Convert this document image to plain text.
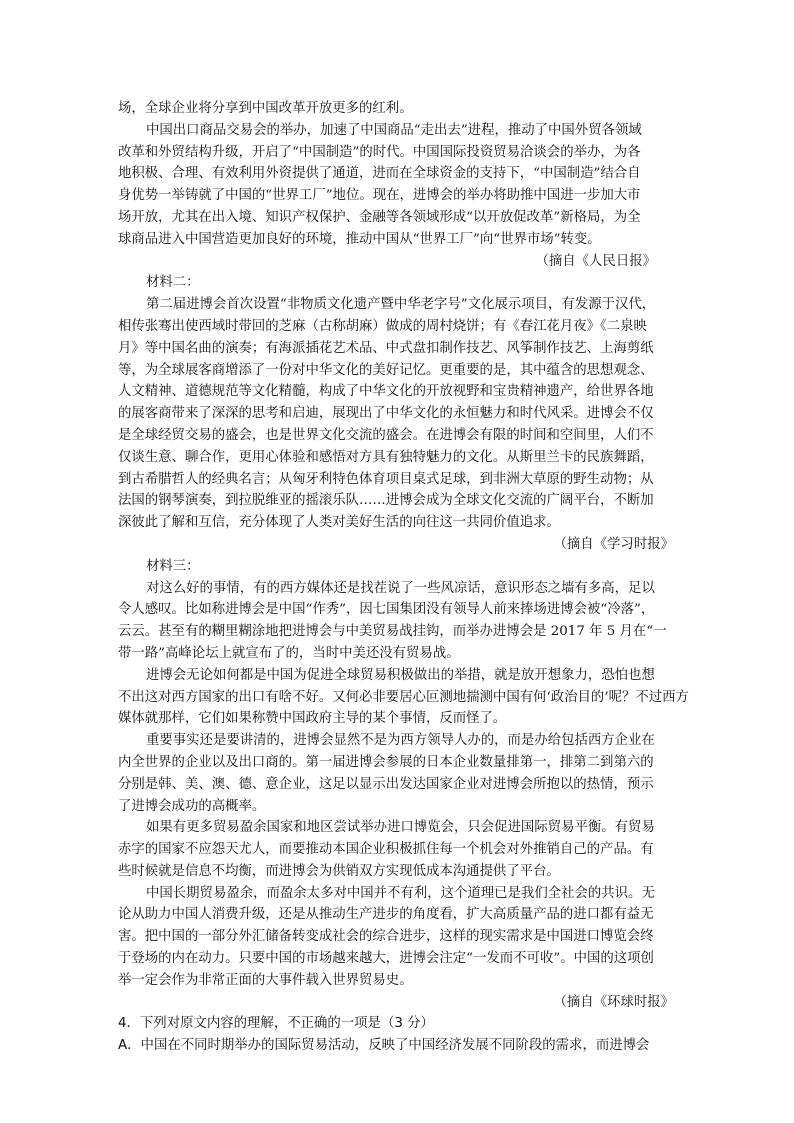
场，全球企业将分享到中国改革开放更多的红利。
中国出口商品交易会的举办，加速了中国商品“走出去”进程，推动了中国外贸各领域
改革和外贸结构升级，开启了“中国制造”的时代。中国国际投资贸易洽谈会的举办，为各
地积极、合理、有效利用外资提供了通道，进而在全球资金的支持下，“中国制造”结合自
身优势一举铸就了中国的“世界工厂”地位。现在，进博会的举办将助推中国进一步加大市
场开放，尤其在出入境、知识产权保护、金融等各领域形成“以开放促改革”新格局，为全
球商品进入中国营造更加良好的环境，推动中国从“世界工厂”向“世界市场”转变。
（摘自《人民日报》
材料二：
第二届进博会首次设置“非物质文化遗产暨中华老字号”文化展示项目，有发源于汉代，
相传张骞出使西域时带回的芝麻（古称胡麻）做成的周村烧饼；有《春江花月夜》《二泉映
月》等中国名曲的演奏；有海派插花艺术品、中式盘扣制作技艺、风筝制作技艺、上海剪纸
等，为全球展客商增添了一份对中华文化的美好记忆。更重要的是，其中蕴含的思想观念、
人文精神、道德规范等文化精髓，构成了中华文化的开放视野和宝贵精神遗产，给世界各地
的展客商带来了深深的思考和启迪，展现出了中华文化的永恒魅力和时代风采。进博会不仅
是全球经贸交易的盛会，也是世界文化交流的盛会。在进博会有限的时间和空间里，人们不
仅谈生意、聊合作，更用心体验和感悟对方具有独特魅力的文化。从斯里兰卡的民族舞蹈，
到古希腊哲人的经典名言；从匈牙利特色体育项目桌式足球，到非洲大草原的野生动物；从
法国的钢琴演奏，到拉脱维亚的摇滚乐队……进博会成为全球文化交流的广阔平台，不断加
深彼此了解和互信，充分体现了人类对美好生活的向往这一共同价值追求。
（摘自《学习时报》
材料三：
对这么好的事情，有的西方媒体还是找茬说了一些风凉话，意识形态之墙有多高，足以
令人感叹。比如称进博会是中国“作秀”，因七国集团没有领导人前来捧场进博会被“冷落”，
云云。甚至有的糊里糊涂地把进博会与中美贸易战挂钩，而举办进博会是 2017 年 5 月在“一
带一路”高峰论坛上就宣布了的，当时中美还没有贸易战。
进博会无论如何都是中国为促进全球贸易积极做出的举措，就是放开想象力，恐怕也想
不出这对西方国家的出口有啥不好。又何必非要居心叵测地揣测中国有何‘政治目的’呢？不过西方
媒体就那样，它们如果称赞中国政府主导的某个事情，反而怪了。
重要事实还是要讲清的，进博会显然不是为西方领导人办的，而是办给包括西方企业在
内全世界的企业以及出口商的。第一届进博会参展的日本企业数量排第一，排第二到第六的
分别是韩、美、澳、德、意企业，这足以显示出发达国家企业对进博会所抱以的热情，预示
了进博会成功的高概率。
如果有更多贸易盈余国家和地区尝试举办进口博览会，只会促进国际贸易平衡。有贸易
赤字的国家不应怨天尤人，而要推动本国企业积极抓住每一个机会对外推销自己的产品。有
些时候就是信息不均衡，而进博会为供销双方实现低成本沟通提供了平台。
中国长期贸易盈余，而盈余太多对中国并不有利，这个道理已是我们全社会的共识。无
论从助力中国人消费升级，还是从推动生产进步的角度看，扩大高质量产品的进口都有益无
害。把中国的一部分外汇储备转变成社会的综合进步，这样的现实需求是中国进口博览会终
于登场的内在动力。只要中国的市场越来越大，进博会注定“一发而不可收”。中国的这项创
举一定会作为非常正面的大事件载入世界贸易史。
（摘自《环球时报》
4．下列对原文内容的理解，不正确的一项是（3 分）
A．中国在不同时期举办的国际贸易活动，反映了中国经济发展不同阶段的需求，而进博会
